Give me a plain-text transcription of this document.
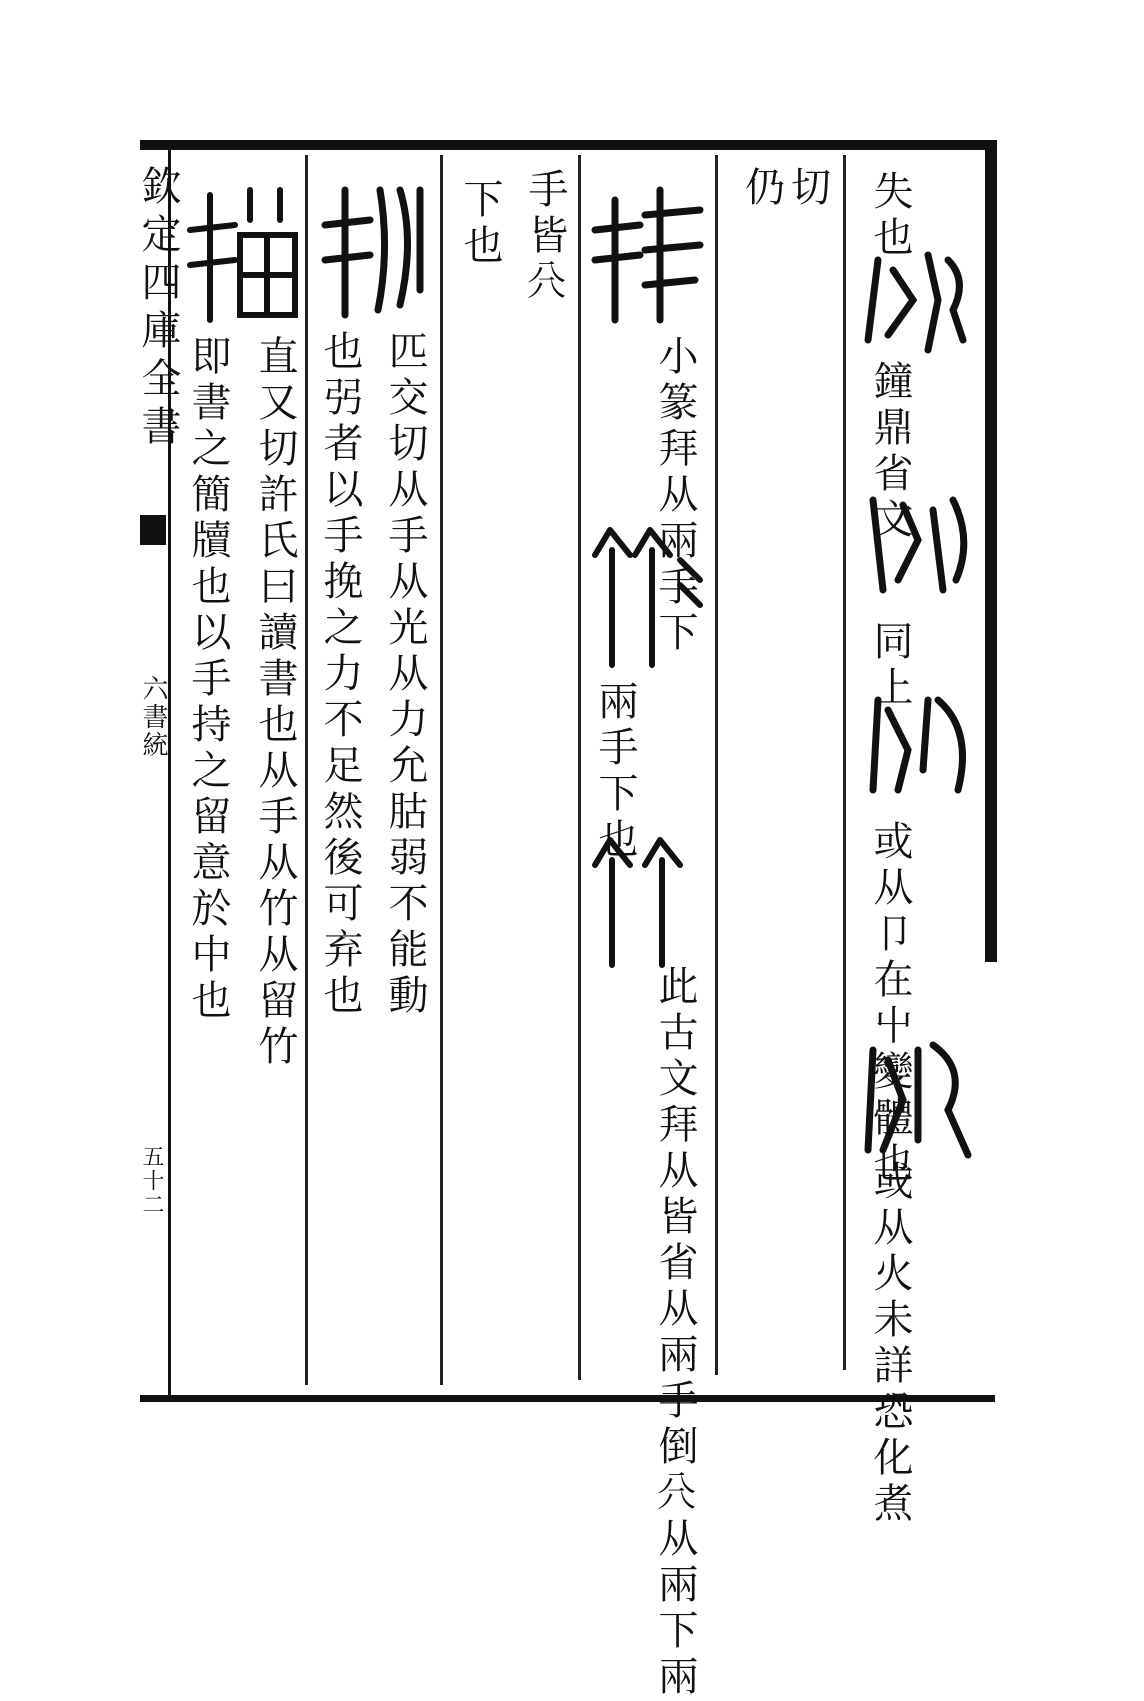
欽定四庫全書
六書統
五十二
失也
鐘鼎省文
同上
或从卩在屮變體也
或从火未詳恐化煮
仍切
小篆拜从兩手下
兩手下也
此古文拜从皆省从兩手倒𠔁从兩下兩
手皆𠔁
下也
匹交切从手从光从力允𦙶弱不能動
也弜者以手挽之力不足然後可弃也
直又切許氏曰讀書也从手从竹从留竹
即書之簡牘也以手持之留意於中也
